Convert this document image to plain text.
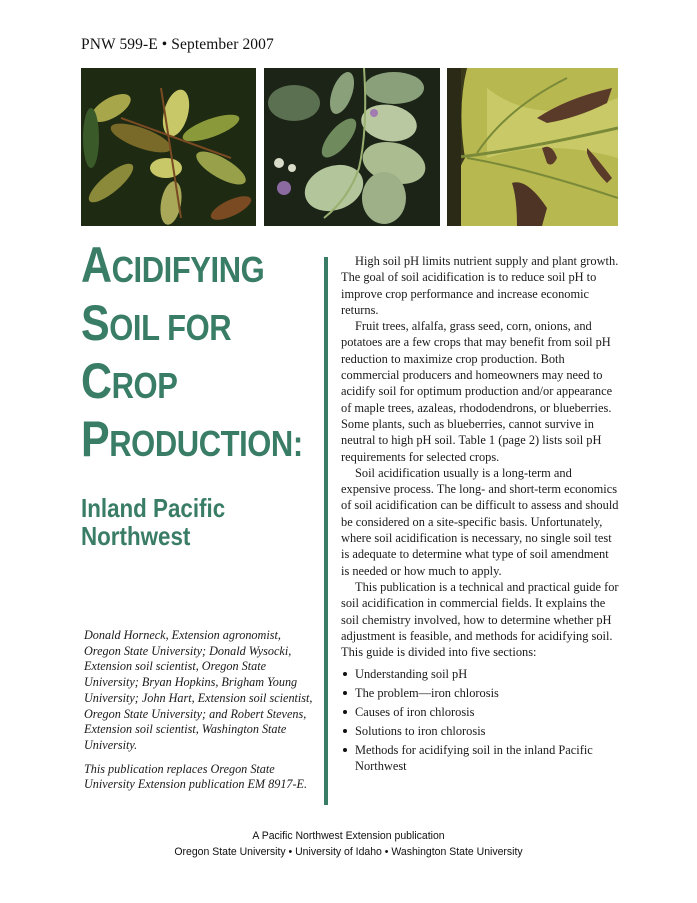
PNW 599-E • September 2007
ACIDIFYING
SOIL FOR
CROP
PRODUCTION:
Inland Pacific
Northwest

Donald Horneck, Extension agronomist, Oregon State University; Donald Wysocki, Extension soil scientist, Oregon State University; Bryan Hopkins, Brigham Young University; John Hart, Extension soil scientist, Oregon State University; and Robert Stevens, Extension soil scientist, Washington State University.

This publication replaces Oregon State University Extension publication EM 8917-E.

High soil pH limits nutrient supply and plant growth. The goal of soil acidification is to reduce soil pH to improve crop performance and increase economic returns.

Fruit trees, alfalfa, grass seed, corn, onions, and potatoes are a few crops that may benefit from soil pH reduction to maximize crop production. Both commercial producers and homeowners may need to acidify soil for optimum production and/or appearance of maple trees, azaleas, rhododendrons, or blueberries. Some plants, such as blueberries, cannot survive in neutral to high pH soil. Table 1 (page 2) lists soil pH requirements for selected crops.

Soil acidification usually is a long-term and expensive process. The long- and short-term economics of soil acidification can be difficult to assess and should be considered on a site-specific basis. Unfortunately, where soil acidification is necessary, no single soil test is adequate to determine what type of soil amendment is needed or how much to apply.

This publication is a technical and practical guide for soil acidification in commercial fields. It explains the soil chemistry involved, how to determine whether pH adjustment is feasible, and methods for acidifying soil. This guide is divided into five sections:

Understanding soil pH
The problem—iron chlorosis
Causes of iron chlorosis
Solutions to iron chlorosis
Methods for acidifying soil in the inland Pacific Northwest
A Pacific Northwest Extension publication
Oregon State University • University of Idaho • Washington State University
